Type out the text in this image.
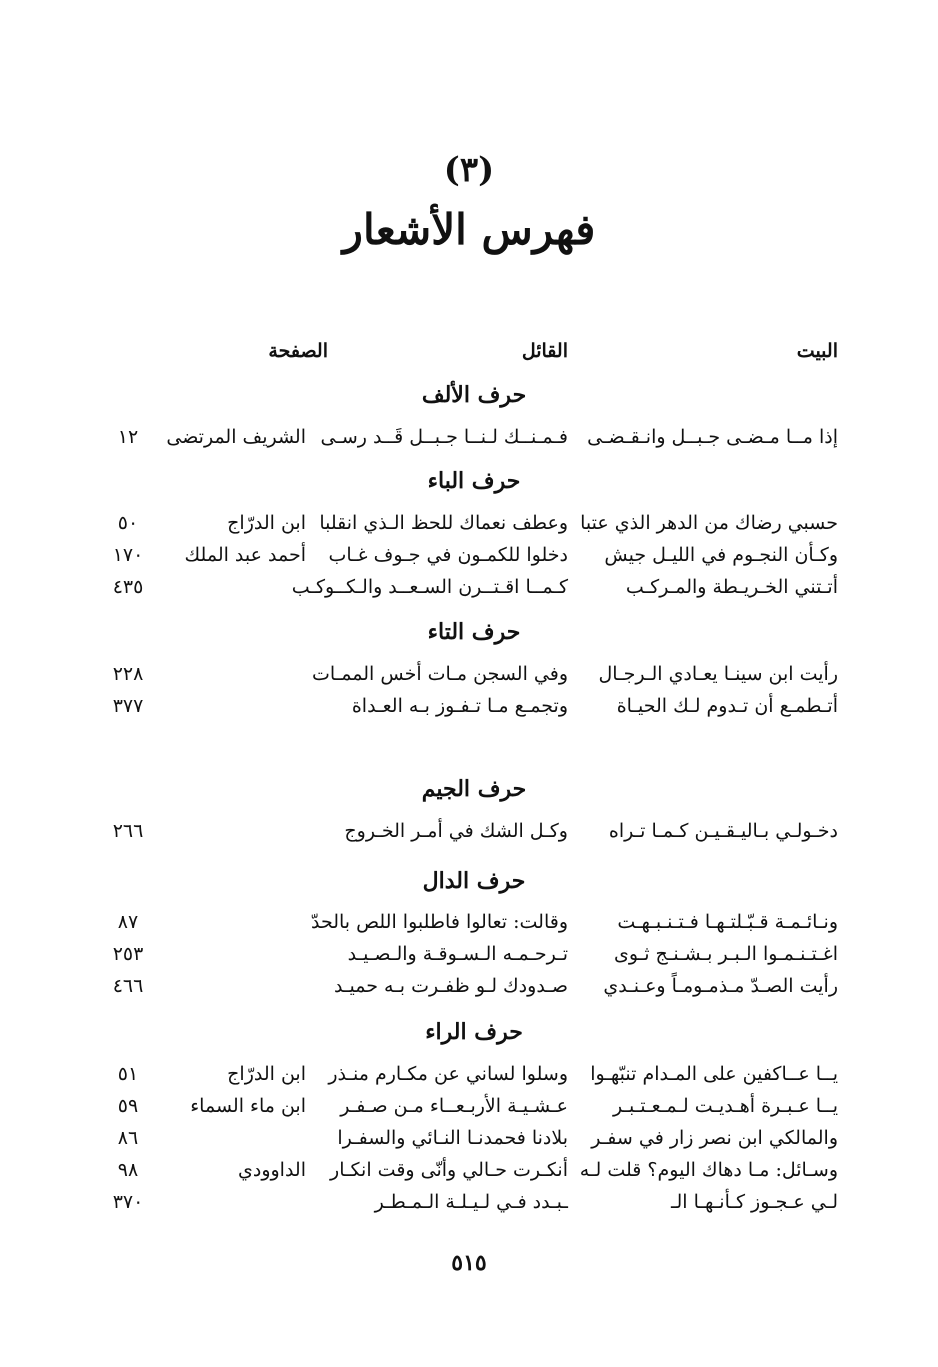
(٣)
فهرس الأشعار
البيت
القائل
الصفحة
حرف الألف
إذا مــا مـضـى جـبــل وانـقـضـى
فـمـنــك لـنــا جـبــل قَــد رسـى
الشريف المرتضى
١٢
حرف الباء
حسبي رضاك من الدهر الذي عتبا
وعطف نعماك للحظ الـذي انقلبا
ابن الدرّاج
٥٠
وكـأن النجـوم في الليـل جيش
دخلوا للكمـون في جـوف غـاب
أحمد عبد الملك
١٧٠
أتـتني الخـريـطة والمـركـب
كـمــا اقـتــرن السـعــد والـكــوكـب
٤٣٥
حرف التاء
رأيت ابن سينـا يعـادي الـرجـال
وفي السجن مـات أخس الممـات
٢٢٨
أتـطمـع أن تـدوم لـك الحيـاة
وتجمـع مـا تـفـوز بـه العـداة
٣٧٧
حرف الجيم
دخـولـي بـاليـقـيـن كـمـا تـراه
وكـل الشك في أمـر الخـروج
٢٦٦
حرف الدال
ونـائـمـة قـبّـلتـهـا فـتـنـبـهـت
وقالت: تعالوا فاطلبوا اللص بالحدّ
٨٧
اغـتـنـمـوا الـبـر بـشـنـج ثـوى
تـرحـمـه الـسـوقـة والـصـيـد
٢٥٣
رأيت الصـدّ مـذمـومـاً وعـنـدي
صـدودك لـو ظفـرت بـه حميـد
٤٦٦
حرف الراء
يــا عــاكفين على المـدام تنبّهـوا
وسلوا لساني عن مكـارم منـذر
ابن الدرّاج
٥١
يــا عـبـرة أهـديـت لـمـعـتـبـر
عـشـيـة الأربـعــاء مـن صـفـر
ابن ماء السماء
٥٩
والمالكي ابن نصر زار في سفـر
بلادنا فحمدنـا النـائي والسفـرا
٨٦
وسـائل: مـا دهاك اليوم؟ قلت لـه
أنكـرت حـالي وأنّى وقت انكـار
الداوودي
٩٨
لـي عـجـوز كـأنـهـا الـ
ـبـدد فـي لـيـلـة الـمـطـر
٣٧٠
٥١٥
